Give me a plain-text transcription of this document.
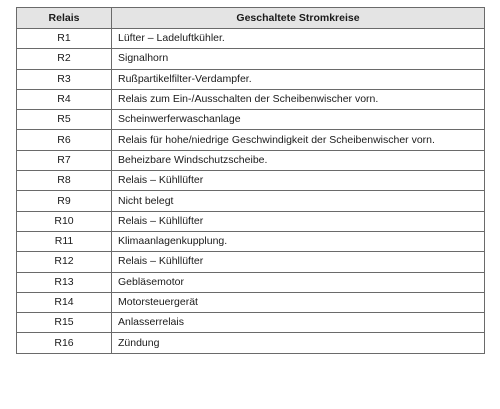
Relais	Geschaltete Stromkreise
R1	Lüfter – Ladeluftkühler.
R2	Signalhorn
R3	Rußpartikelfilter-Verdampfer.
R4	Relais zum Ein-/Ausschalten der Scheibenwischer vorn.
R5	Scheinwerferwaschanlage
R6	Relais für hohe/niedrige Geschwindigkeit der Scheibenwischer vorn.
R7	Beheizbare Windschutzscheibe.
R8	Relais – Kühllüfter
R9	Nicht belegt
R10	Relais – Kühllüfter
R11	Klimaanlagenkupplung.
R12	Relais – Kühllüfter
R13	Gebläsemotor
R14	Motorsteuergerät
R15	Anlasserrelais
R16	Zündung
